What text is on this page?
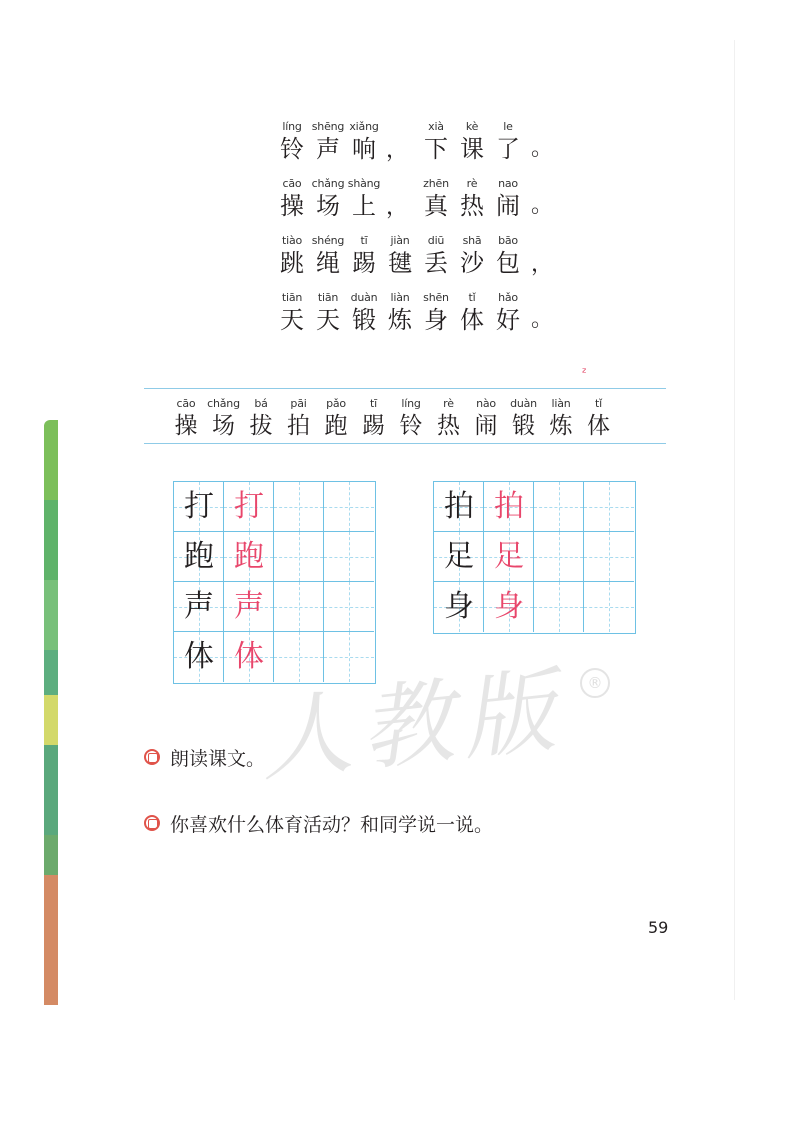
líng
铃
shēng
声
xiǎng
响
xià
下
kè
课
le
了
，	。
cāo
操
chǎng
场
shàng
上
zhēn
真
rè
热
nao
闹
，	。
tiào
跳
shéng
绳
tī
踢
jiàn
毽
diū
丢
shā
沙
bāo
包 ，
tiān
天
tiān
天
duàn
锻
liàn
炼
shēn
身
tǐ
体
hǎo
好 。
ᶻ
cāo
操
chǎng
场
bá
拔
pāi
拍
pǎo
跑
tī
踢
líng
铃
rè
热
nào
闹
duàn
锻
liàn
炼
tǐ
体
打 打
跑 跑
声 声
体 体
拍 拍
足 足
身 身
人教版	®
朗读课文。
你喜欢什么体育活动？和同学说一说。
59
